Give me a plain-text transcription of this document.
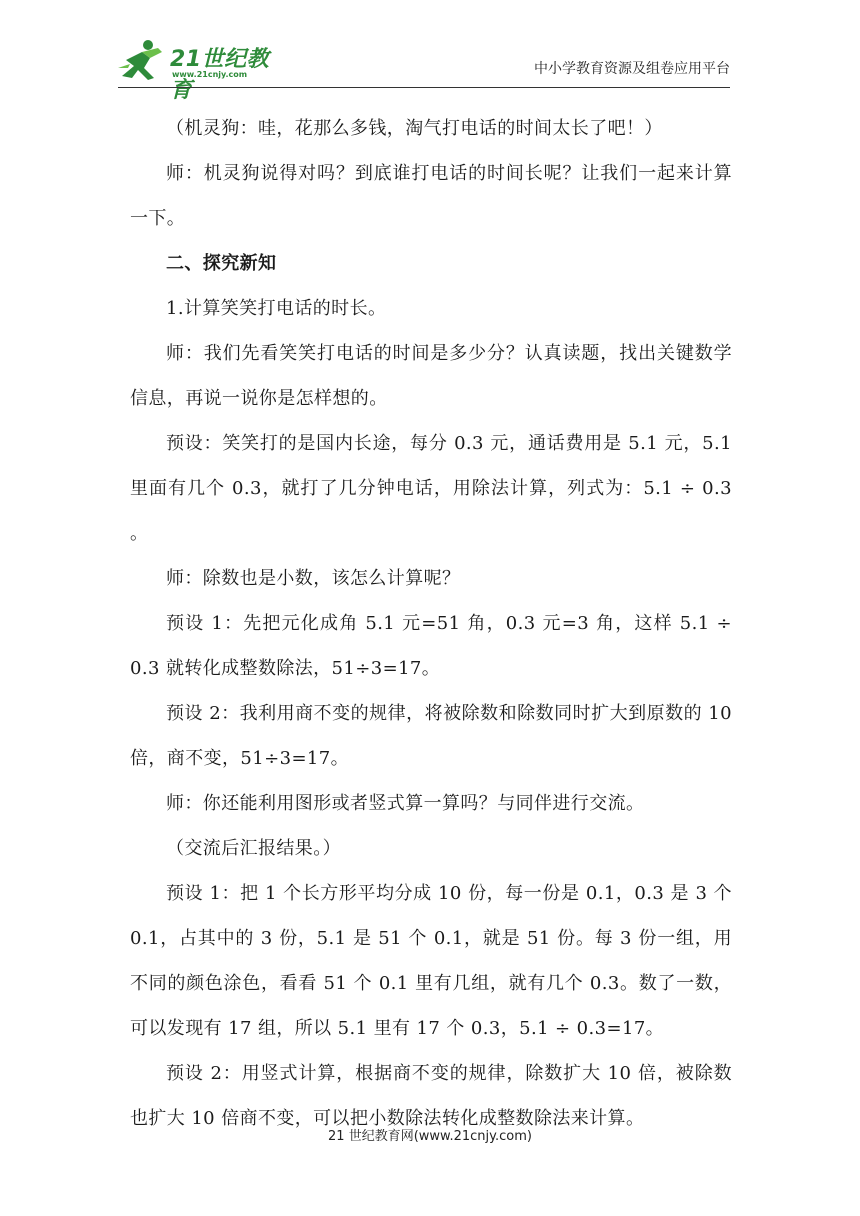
21世纪教育
www.21cnjy.com	中小学教育资源及组卷应用平台

（机灵狗：哇，花那么多钱，淘气打电话的时间太长了吧！）

师：机灵狗说得对吗？到底谁打电话的时间长呢？让我们一起来计算一下。

二、探究新知

1.计算笑笑打电话的时长。

师：我们先看笑笑打电话的时间是多少分？认真读题，找出关键数学信息，再说一说你是怎样想的。

预设：笑笑打的是国内长途，每分 0.3 元，通话费用是 5.1 元，5.1 里面有几个 0.3，就打了几分钟电话，用除法计算，列式为：5.1 ÷ 0.3 。

师：除数也是小数，该怎么计算呢？

预设 1：先把元化成角 5.1 元=51 角，0.3 元=3 角，这样 5.1 ÷ 0.3 就转化成整数除法，51÷3=17。

预设 2：我利用商不变的规律，将被除数和除数同时扩大到原数的 10 倍，商不变，51÷3=17。

师：你还能利用图形或者竖式算一算吗？与同伴进行交流。

（交流后汇报结果。）

预设 1：把 1 个长方形平均分成 10 份，每一份是 0.1，0.3 是 3 个 0.1，占其中的 3 份，5.1 是 51 个 0.1，就是 51 份。每 3 份一组，用不同的颜色涂色，看看 51 个 0.1 里有几组，就有几个 0.3。数了一数，可以发现有 17 组，所以 5.1 里有 17 个 0.3，5.1 ÷ 0.3=17。

预设 2：用竖式计算，根据商不变的规律，除数扩大 10 倍，被除数也扩大 10 倍商不变，可以把小数除法转化成整数除法来计算。

21 世纪教育网(www.21cnjy.com)
